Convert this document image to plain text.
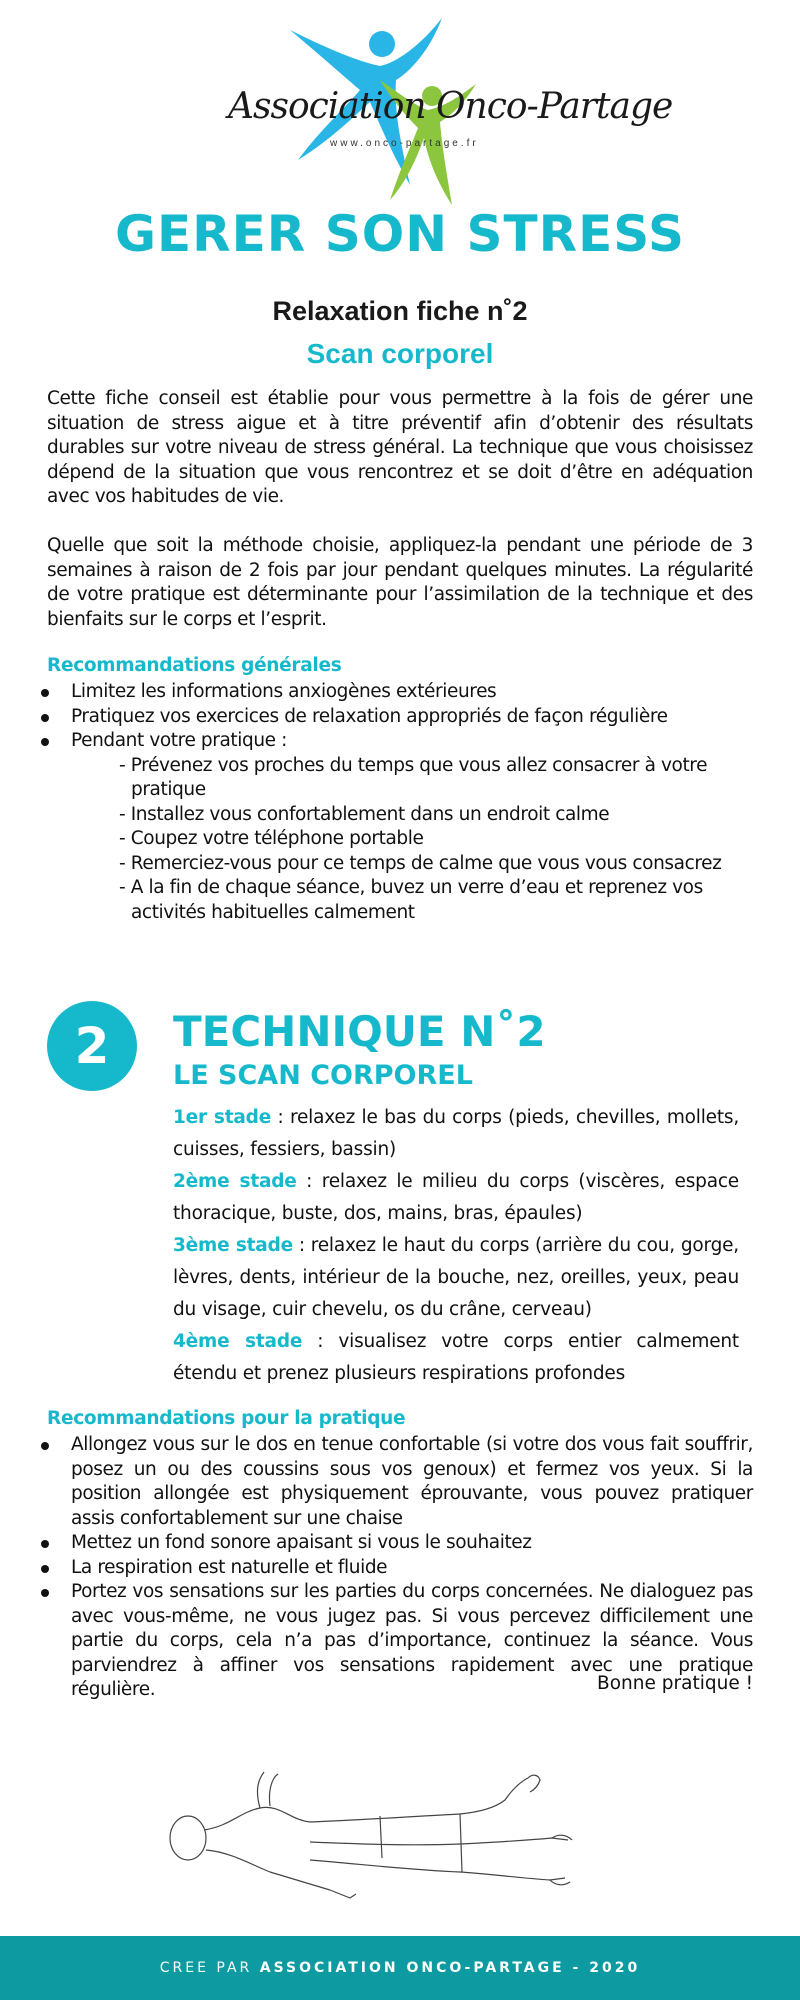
Association Onco-Partage
www.onco-partage.fr
GERER SON STRESS
Relaxation fiche n˚2
Scan corporel

Cette fiche conseil est établie pour vous permettre à la fois de gérer une situation de stress aigue et à titre préventif afin d’obtenir des résultats durables sur votre niveau de stress général. La technique que vous choisissez dépend de la situation que vous rencontrez et se doit d’être en adéquation avec vos habitudes de vie.

Quelle que soit la méthode choisie, appliquez-la pendant une période de 3 semaines à raison de 2 fois par jour pendant quelques minutes. La régularité de votre pratique est déterminante pour l’assimilation de la technique et des bienfaits sur le corps et l’esprit.

Recommandations générales
Limitez les informations anxiogènes extérieures
Pratiquez vos exercices de relaxation appropriés de façon régulière
Pendant votre pratique :
- Prévenez vos proches du temps que vous allez consacrer à votre pratique
- Installez vous confortablement dans un endroit calme
- Coupez votre téléphone portable
- Remerciez-vous pour ce temps de calme que vous vous consacrez
- A la fin de chaque séance, buvez un verre d’eau et reprenez vos activités habituelles calmement
2	TECHNIQUE N˚2
LE SCAN CORPOREL

1er stade : relaxez le bas du corps (pieds, chevilles, mollets, cuisses, fessiers, bassin)

2ème stade : relaxez le milieu du corps (viscères, espace thoracique, buste, dos, mains, bras, épaules)

3ème stade : relaxez le haut du corps (arrière du cou, gorge, lèvres, dents, intérieur de la bouche, nez, oreilles, yeux, peau du visage, cuir chevelu, os du crâne, cerveau)

4ème stade : visualisez votre corps entier calmement étendu et prenez plusieurs respirations profondes

Recommandations pour la pratique
Allongez vous sur le dos en tenue confortable (si votre dos vous fait souffrir, posez un ou des coussins sous vos genoux) et fermez vos yeux. Si la position allongée est physiquement éprouvante, vous pouvez pratiquer assis confortablement sur une chaise
Mettez un fond sonore apaisant si vous le souhaitez
La respiration est naturelle et fluide
Portez vos sensations sur les parties du corps concernées. Ne dialoguez pas avec vous-même, ne vous jugez pas. Si vous percevez difficilement une partie du corps, cela n’a pas d’importance, continuez la séance. Vous parviendrez à affiner vos sensations rapidement avec une pratique régulière.	Bonne pratique !

CREE PAR ASSOCIATION ONCO-PARTAGE - 2020
